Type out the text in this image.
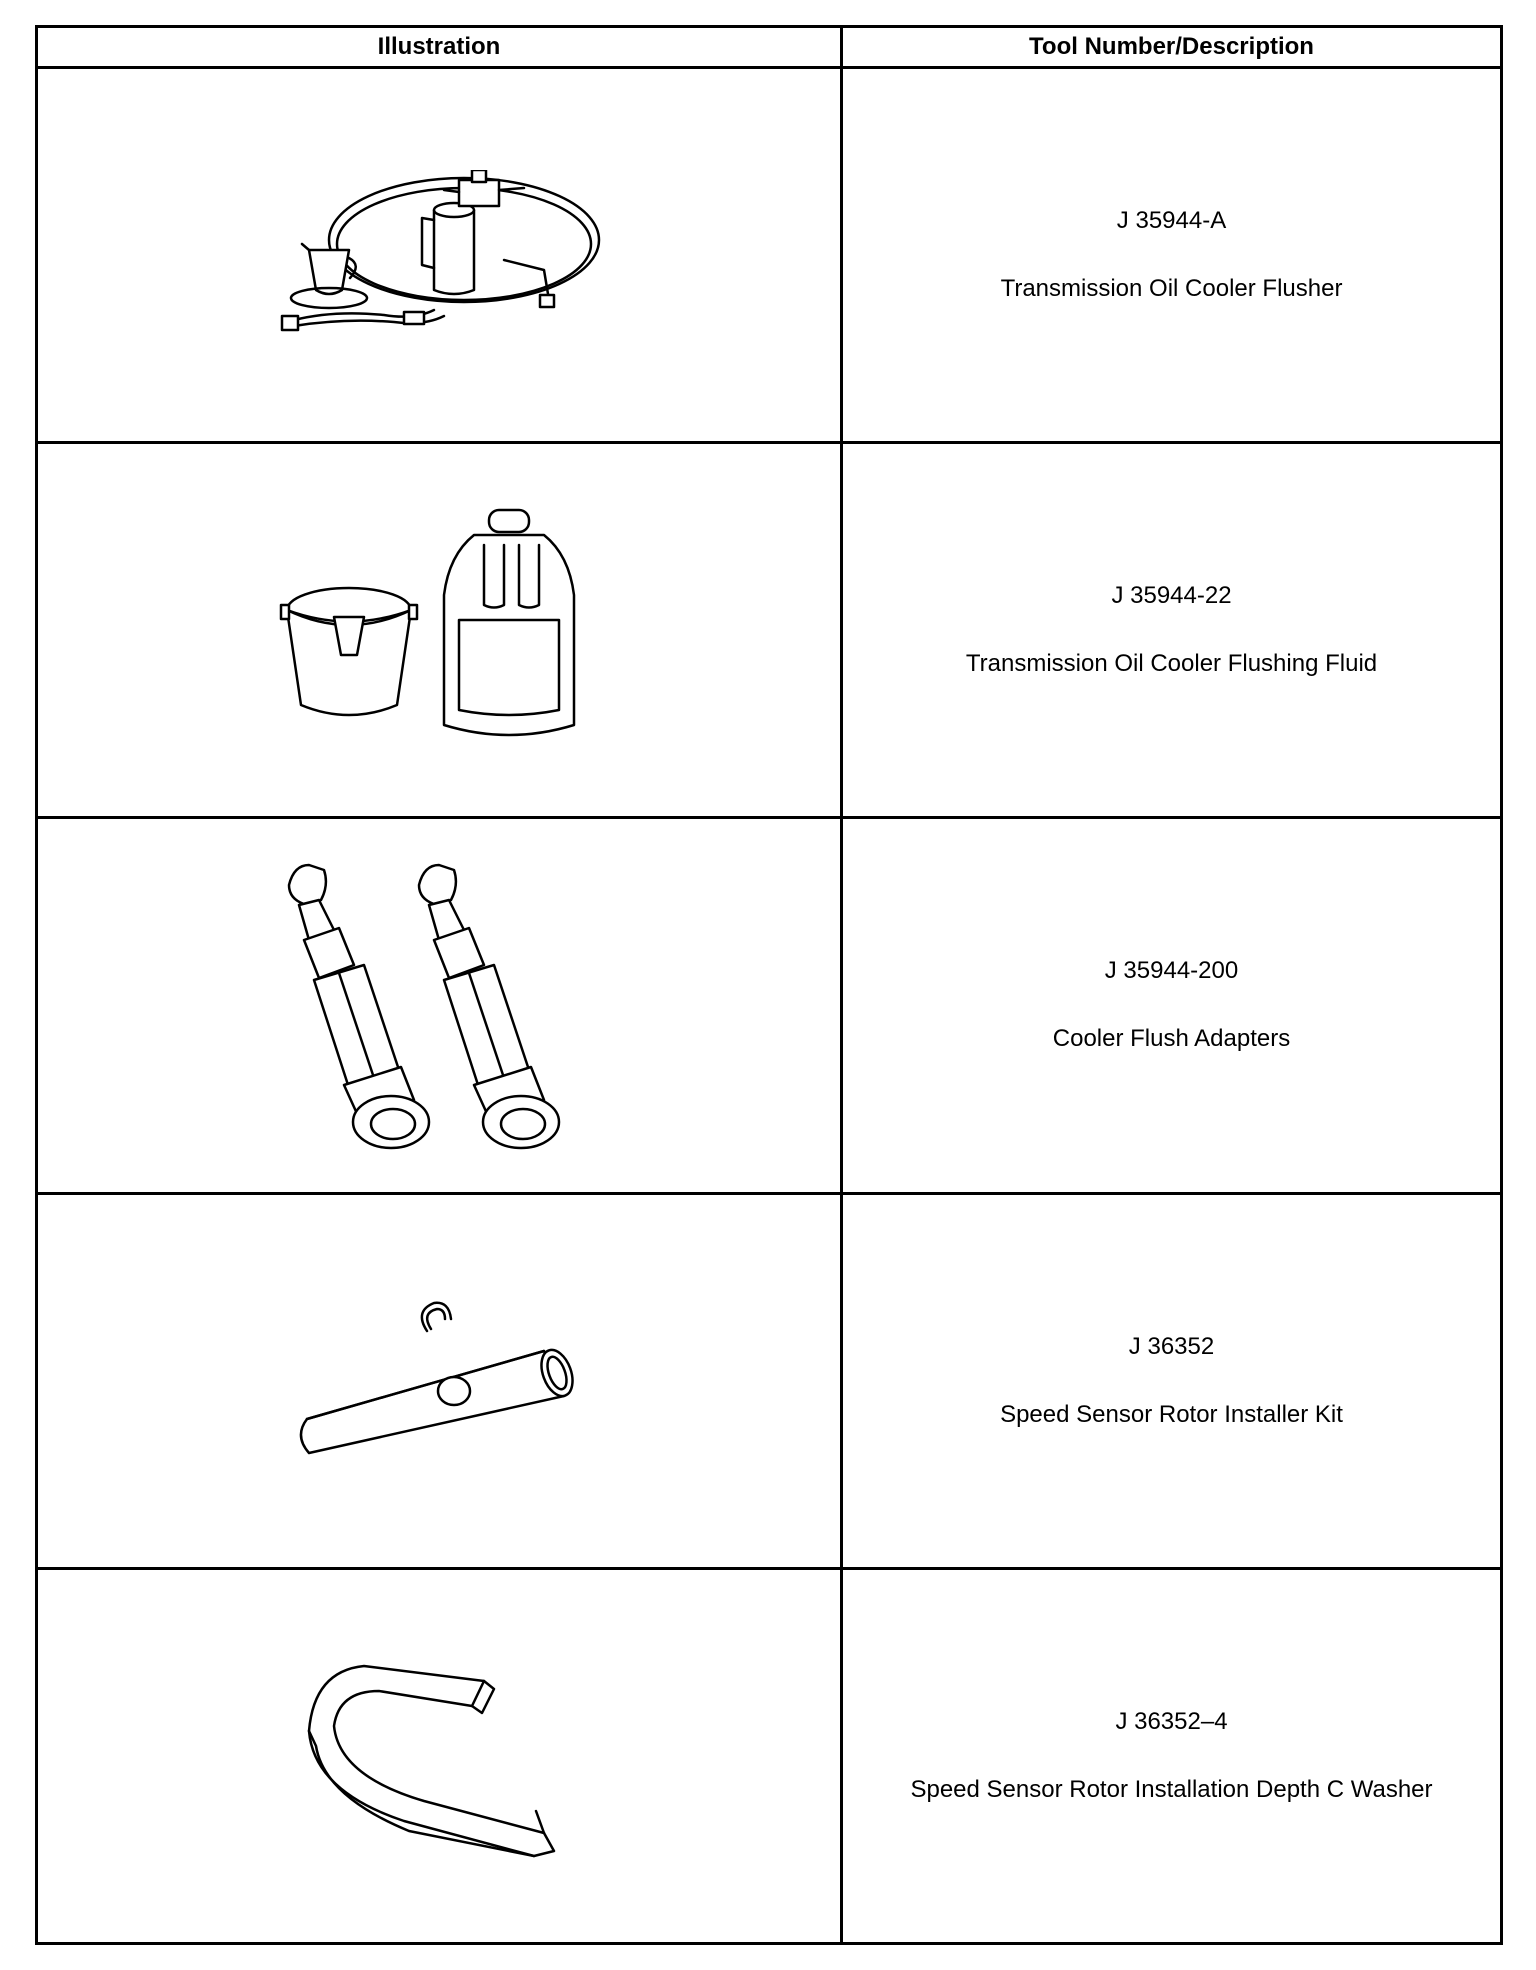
Illustration	Tool Number/Description

J 35944-A
Transmission Oil Cooler Flusher

J 35944-22
Transmission Oil Cooler Flushing Fluid

J 35944-200
Cooler Flush Adapters

J 36352
Speed Sensor Rotor Installer Kit

J 36352–4
Speed Sensor Rotor Installation Depth C Washer
